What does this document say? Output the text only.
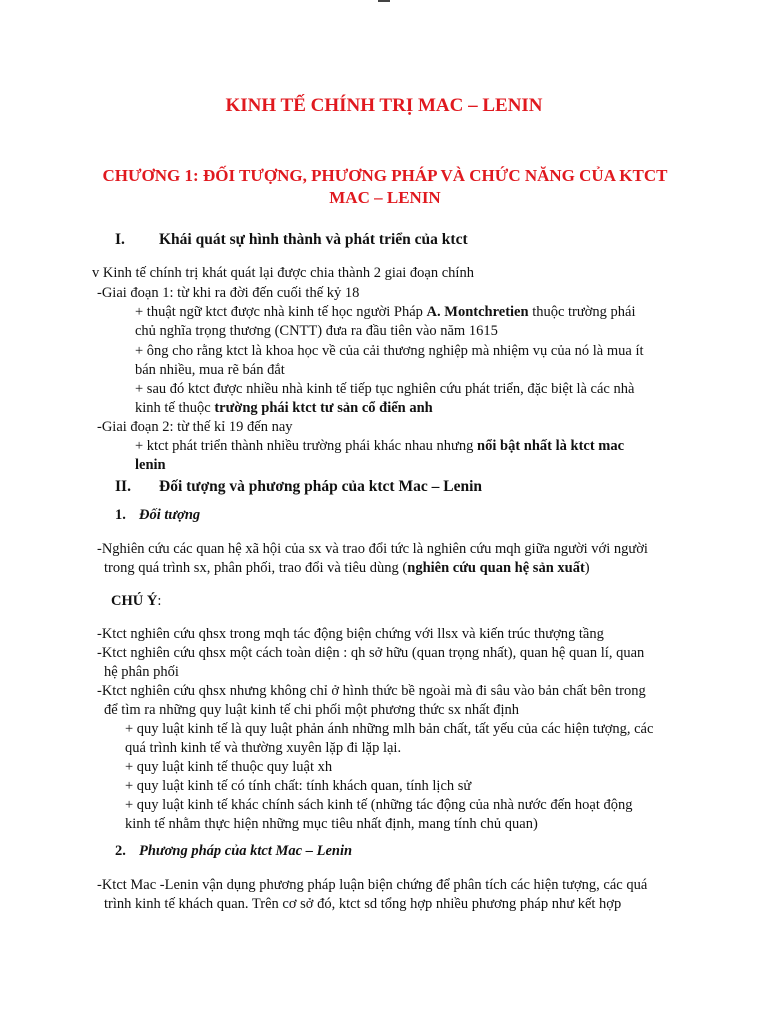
KINH TẾ CHÍNH TRỊ MAC – LENIN
CHƯƠNG 1: ĐỐI TƯỢNG, PHƯƠNG PHÁP VÀ CHỨC NĂNG CỦA KTCT
MAC – LENIN
I. Khái quát sự hình thành và phát triển của ktct
v Kinh tế chính trị khát quát lại được chia thành 2 giai đoạn chính
-Giai đoạn 1: từ khi ra đời đến cuối thế kỷ 18
+ thuật ngữ ktct được nhà kinh tế học người Pháp A. Montchretien thuộc trường phái
chủ nghĩa trọng thương (CNTT) đưa ra đầu tiên vào năm 1615
+ ông cho rằng ktct là khoa học về của cải thương nghiệp mà nhiệm vụ của nó là mua ít
bán nhiều, mua rẽ bán đắt
+ sau đó ktct được nhiều nhà kinh tế tiếp tục nghiên cứu phát triển, đặc biệt là các nhà
kinh tế thuộc trường phái ktct tư sản cổ điển anh
-Giai đoạn 2: từ thế kỉ 19 đến nay
+ ktct phát triển thành nhiều trường phái khác nhau nhưng nổi bật nhất là ktct mac
lenin
II. Đối tượng và phương pháp của ktct Mac – Lenin
1. Đối tượng
-Nghiên cứu các quan hệ xã hội của sx và trao đổi tức là nghiên cứu mqh giữa người với người
trong quá trình sx, phân phối, trao đổi và tiêu dùng (nghiên cứu quan hệ sản xuất)
CHÚ Ý:
-Ktct nghiên cứu qhsx trong mqh tác động biện chứng với llsx và kiến trúc thượng tầng
-Ktct nghiên cứu qhsx một cách toàn diện : qh sở hữu (quan trọng nhất), quan hệ quan lí, quan
hệ phân phối
-Ktct nghiên cứu qhsx nhưng không chỉ ở hình thức bề ngoài mà đi sâu vào bản chất bên trong
để tìm ra những quy luật kinh tế chi phối một phương thức sx nhất định
+ quy luật kinh tế là quy luật phản ánh những mlh bản chất, tất yếu của các hiện tượng, các
quá trình kinh tế và thường xuyên lặp đi lặp lại.
+ quy luật kinh tế thuộc quy luật xh
+ quy luật kinh tế có tính chất: tính khách quan, tính lịch sử
+ quy luật kinh tế khác chính sách kinh tế (những tác động của nhà nước đến hoạt động
kinh tế nhằm thực hiện những mục tiêu nhất định, mang tính chủ quan)
2. Phương pháp của ktct Mac – Lenin
-Ktct Mac -Lenin vận dụng phương pháp luận biện chứng để phân tích các hiện tượng, các quá
trình kinh tế khách quan. Trên cơ sở đó, ktct sd tổng hợp nhiều phương pháp như kết hợp
